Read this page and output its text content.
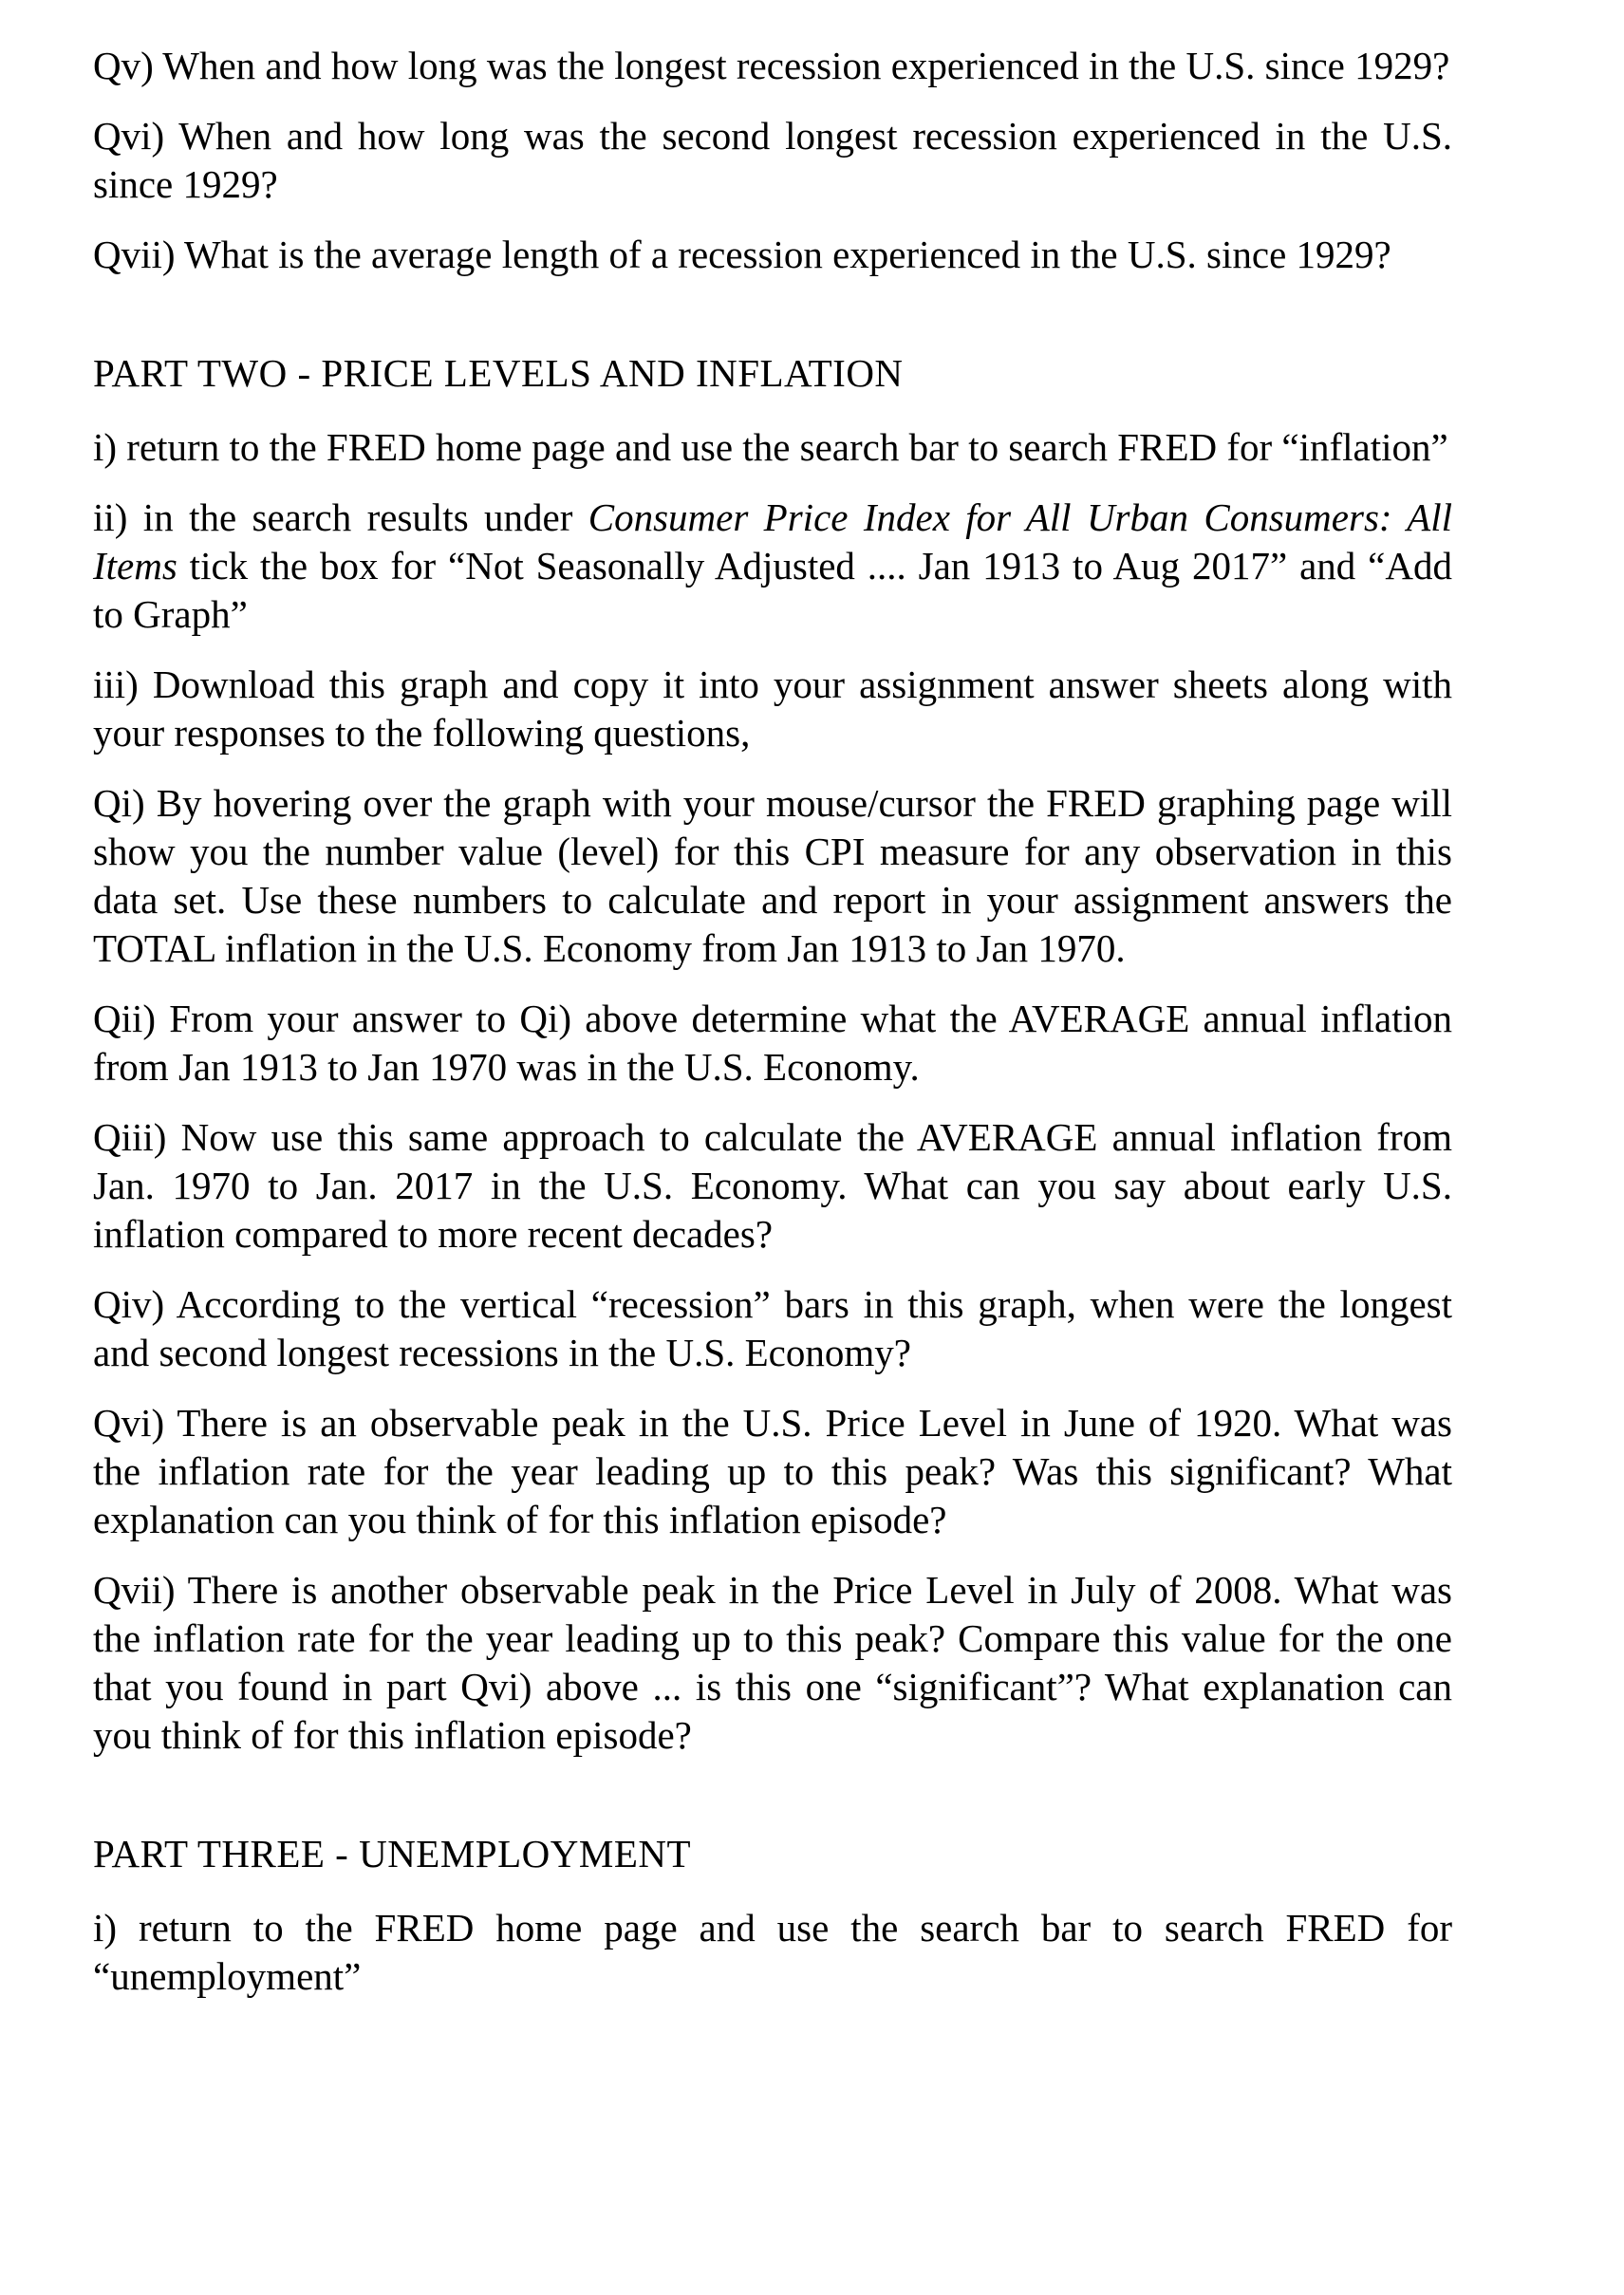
Qv) When and how long was the longest recession experienced in the U.S. since 1929?

Qvi) When and how long was the second longest recession experienced in the U.S. since 1929?

Qvii) What is the average length of a recession experienced in the U.S. since 1929?

PART TWO - PRICE LEVELS AND INFLATION

i) return to the FRED home page and use the search bar to search FRED for “inflation”

ii) in the search results under Consumer Price Index for All Urban Consumers: All Items tick the box for “Not Seasonally Adjusted .... Jan 1913 to Aug 2017” and “Add to Graph”

iii) Download this graph and copy it into your assignment answer sheets along with your responses to the following questions,

Qi) By hovering over the graph with your mouse/cursor the FRED graphing page will show you the number value (level) for this CPI measure for any observation in this data set. Use these numbers to calculate and report in your assignment answers the TOTAL inflation in the U.S. Economy from Jan 1913 to Jan 1970.

Qii) From your answer to Qi) above determine what the AVERAGE annual inflation from Jan 1913 to Jan 1970 was in the U.S. Economy.

Qiii) Now use this same approach to calculate the AVERAGE annual inflation from Jan. 1970 to Jan. 2017 in the U.S. Economy. What can you say about early U.S. inflation compared to more recent decades?

Qiv) According to the vertical “recession” bars in this graph, when were the longest and second longest recessions in the U.S. Economy?

Qvi) There is an observable peak in the U.S. Price Level in June of 1920. What was the inflation rate for the year leading up to this peak? Was this significant? What explanation can you think of for this inflation episode?

Qvii) There is another observable peak in the Price Level in July of 2008. What was the inflation rate for the year leading up to this peak? Compare this value for the one that you found in part Qvi) above ... is this one “significant”? What explanation can you think of for this inflation episode?

PART THREE - UNEMPLOYMENT

i) return to the FRED home page and use the search bar to search FRED for “unemployment”
